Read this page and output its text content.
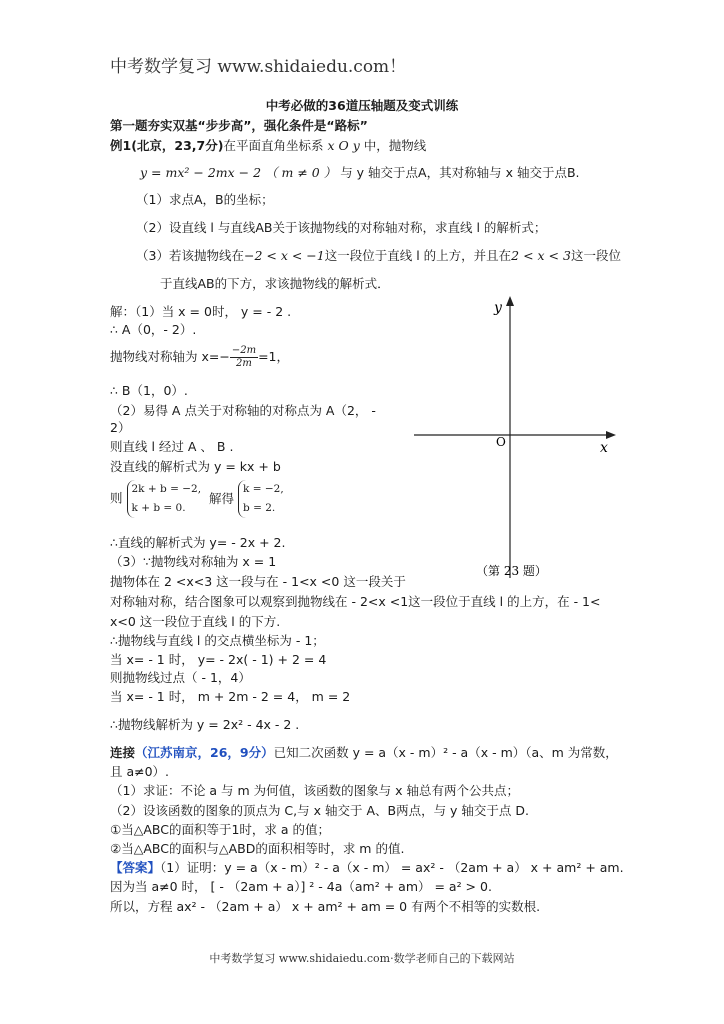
中考数学复习 www.shidaiedu.com！
中考必做的36道压轴题及变式训练
第一题夯实双基“步步高”，强化条件是“路标”
例1(北京，23,7分)在平面直角坐标系 x O y 中，抛物线
y = mx² − 2mx − 2 （ m ≠ 0 ） 与 y 轴交于点A，其对称轴与 x 轴交于点B.
（1）求点A，B的坐标；
（2）设直线 l 与直线AB关于该抛物线的对称轴对称，求直线 l 的解析式；
（3）若该抛物线在−2 < x < −1这一段位于直线 l 的上方，并且在2 < x < 3这一段位
于直线AB的下方，求该抛物线的解析式．
解：（1）当 x = 0时， y = - 2 .
∴ A（0，- 2）.
抛物线对称轴为 $x=- \frac{-2m}{2m} =1$，
∴ B（1，0）.
（2）易得 A 点关于对称轴的对称点为 A（2， -
2）
则直线 l 经过 A 、 B .
没直线的解析式为 y = kx + b
则
2k + b = −2,
k + b = 0.
解得
k = −2,
b = 2.
∴直线的解析式为 y= - 2x + 2.
（3）∵抛物线对称轴为 x = 1
抛物体在 2 <x<3 这一段与在 - 1<x <0 这一段关于
对称轴对称，结合图象可以观察到抛物线在 - 2<x <1这一段位于直线 l 的上方，在 - 1<
x<0 这一段位于直线 l 的下方.
∴抛物线与直线 l 的交点横坐标为 - 1；
当 x= - 1 时， y= - 2x( - 1) + 2 = 4
则抛物线过点（ - 1，4）
当 x= - 1 时， m + 2m - 2 = 4， m = 2
∴抛物线解析为 y = 2x² - 4x - 2 .
y
x
O
（第 23 题）
连接（江苏南京，26，9分）已知二次函数 y = a（x - m）² - a（x - m）（a、m 为常数，
且 a≠0）.
（1）求证：不论 a 与 m 为何值，该函数的图象与 x 轴总有两个公共点；
（2）设该函数的图象的顶点为 C,与 x 轴交于 A、B两点，与 y 轴交于点 D.
①当△ABC的面积等于1时，求 a 的值；
②当△ABC的面积与△ABD的面积相等时，求 m 的值.
【答案】（1）证明：y = a（x - m）² - a（x - m） = ax² - （2am + a） x + am² + am.
因为当 a≠0 时， [ - （2am + a）] ² - 4a（am² + am） = a² > 0.
所以，方程 ax² - （2am + a） x + am² + am = 0 有两个不相等的实数根.
中考数学复习 www.shidaiedu.com·数学老师自己的下载网站
